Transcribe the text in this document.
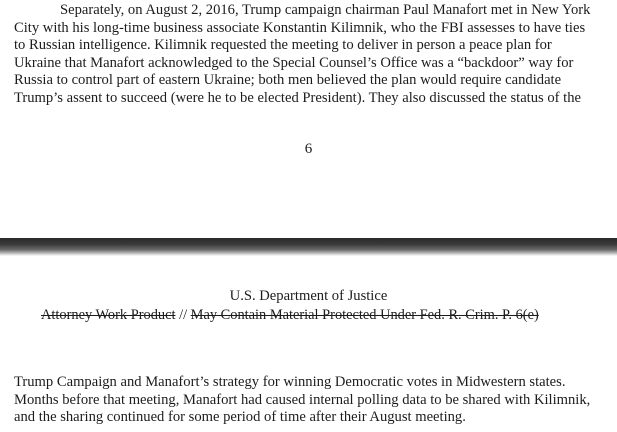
Separately, on August 2, 2016, Trump campaign chairman Paul Manafort met in New York
City with his long-time business associate Konstantin Kilimnik, who the FBI assesses to have ties
to Russian intelligence. Kilimnik requested the meeting to deliver in person a peace plan for
Ukraine that Manafort acknowledged to the Special Counsel’s Office was a “backdoor” way for
Russia to control part of eastern Ukraine; both men believed the plan would require candidate
Trump’s assent to succeed (were he to be elected President). They also discussed the status of the

6
U.S. Department of Justice
Attorney Work Product // May Contain Material Protected Under Fed. R. Crim. P. 6(e)

Trump Campaign and Manafort’s strategy for winning Democratic votes in Midwestern states.
Months before that meeting, Manafort had caused internal polling data to be shared with Kilimnik,
and the sharing continued for some period of time after their August meeting.
